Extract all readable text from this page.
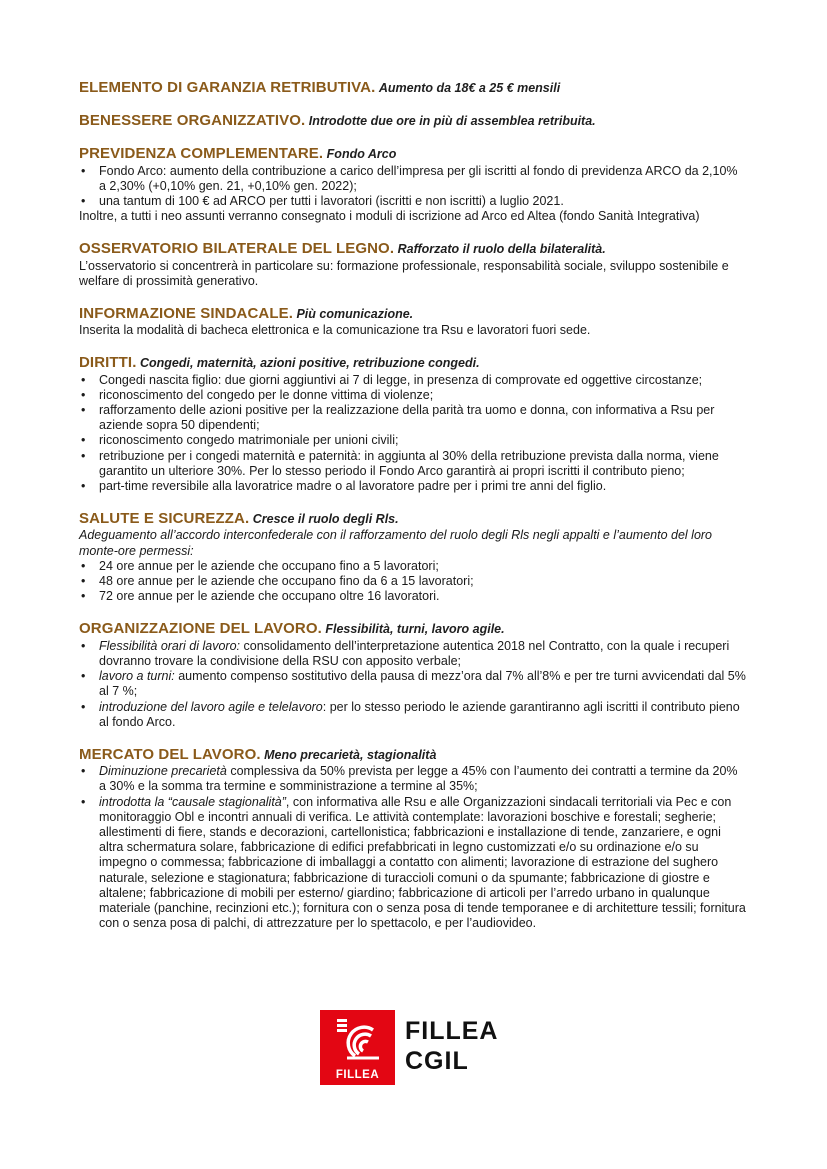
ELEMENTO DI GARANZIA RETRIBUTIVA. Aumento da 18€ a 25 € mensili
BENESSERE ORGANIZZATIVO. Introdotte due ore in più di assemblea retribuita.
PREVIDENZA COMPLEMENTARE. Fondo Arco
• Fondo Arco: aumento della contribuzione a carico dell’impresa per gli iscritti al fondo di previdenza ARCO da 2,10% a 2,30% (+0,10% gen. 21, +0,10% gen. 2022);
• una tantum di 100 € ad ARCO per tutti i lavoratori (iscritti e non iscritti) a luglio 2021.

Inoltre, a tutti i neo assunti verranno consegnato i moduli di iscrizione ad Arco ed Altea (fondo Sanità Integrativa)

OSSERVATORIO BILATERALE DEL LEGNO. Rafforzato il ruolo della bilateralità.

L’osservatorio si concentrerà in particolare su: formazione professionale, responsabilità sociale, sviluppo sostenibile e welfare di prossimità generativo.

INFORMAZIONE SINDACALE. Più comunicazione.

Inserita la modalità di bacheca elettronica e la comunicazione tra Rsu e lavoratori fuori sede.

DIRITTI. Congedi, maternità, azioni positive, retribuzione congedi.
• Congedi nascita figlio: due giorni aggiuntivi ai 7 di legge, in presenza di comprovate ed oggettive circostanze;
• riconoscimento del congedo per le donne vittima di violenze;
• rafforzamento delle azioni positive per la realizzazione della parità tra uomo e donna, con informativa a Rsu per aziende sopra 50 dipendenti;
• riconoscimento congedo matrimoniale per unioni civili;
• retribuzione per i congedi maternità e paternità: in aggiunta al 30% della retribuzione prevista dalla norma, viene garantito un ulteriore 30%. Per lo stesso periodo il Fondo Arco garantirà ai propri iscritti il contributo pieno;
• part-time reversibile alla lavoratrice madre o al lavoratore padre per i primi tre anni del figlio.
SALUTE E SICUREZZA. Cresce il ruolo degli Rls.

Adeguamento all’accordo interconfederale con il rafforzamento del ruolo degli Rls negli appalti e l’aumento del loro monte-ore permessi:

• 24 ore annue per le aziende che occupano fino a 5 lavoratori;
• 48 ore annue per le aziende che occupano fino da 6 a 15 lavoratori;
• 72 ore annue per le aziende che occupano oltre 16 lavoratori.
ORGANIZZAZIONE DEL LAVORO. Flessibilità, turni, lavoro agile.
• Flessibilità orari di lavoro: consolidamento dell’interpretazione autentica 2018 nel Contratto, con la quale i recuperi dovranno trovare la condivisione della RSU con apposito verbale;
• lavoro a turni: aumento compenso sostitutivo della pausa di mezz’ora dal 7% all’8% e per tre turni avvicendati dal 5% al 7 %;
• introduzione del lavoro agile e telelavoro: per lo stesso periodo le aziende garantiranno agli iscritti il contributo pieno al fondo Arco.
MERCATO DEL LAVORO. Meno precarietà, stagionalità
• Diminuzione precarietà complessiva da 50% prevista per legge a 45% con l’aumento dei contratti a termine da 20% a 30% e la somma tra termine e somministrazione a termine al 35%;
• introdotta la “causale stagionalità”, con informativa alle Rsu e alle Organizzazioni sindacali territoriali via Pec e con monitoraggio Obl e incontri annuali di verifica. Le attività contemplate: lavorazioni boschive e forestali; segherie; allestimenti di fiere, stands e decorazioni, cartellonistica; fabbricazioni e installazione di tende, zanzariere, e ogni altra schermatura solare, fabbricazione di edifici prefabbricati in legno customizzati e/o su ordinazione e/o su impegno o commessa; fabbricazione di imballaggi a contatto con alimenti; lavorazione di estrazione del sughero naturale, selezione e stagionatura; fabbricazione di turaccioli comuni o da spumante; fabbricazione di giostre e altalene; fabbricazione di mobili per esterno/ giardino; fabbricazione di articoli per l’arredo urbano in qualunque materiale (panchine, recinzioni etc.); fornitura con o senza posa di tende temporanee e di architetture tessili; fornitura con o senza posa di palchi, di attrezzature per lo spettacolo, e per l’audiovideo.
FILLEA
FILLEA
CGIL
